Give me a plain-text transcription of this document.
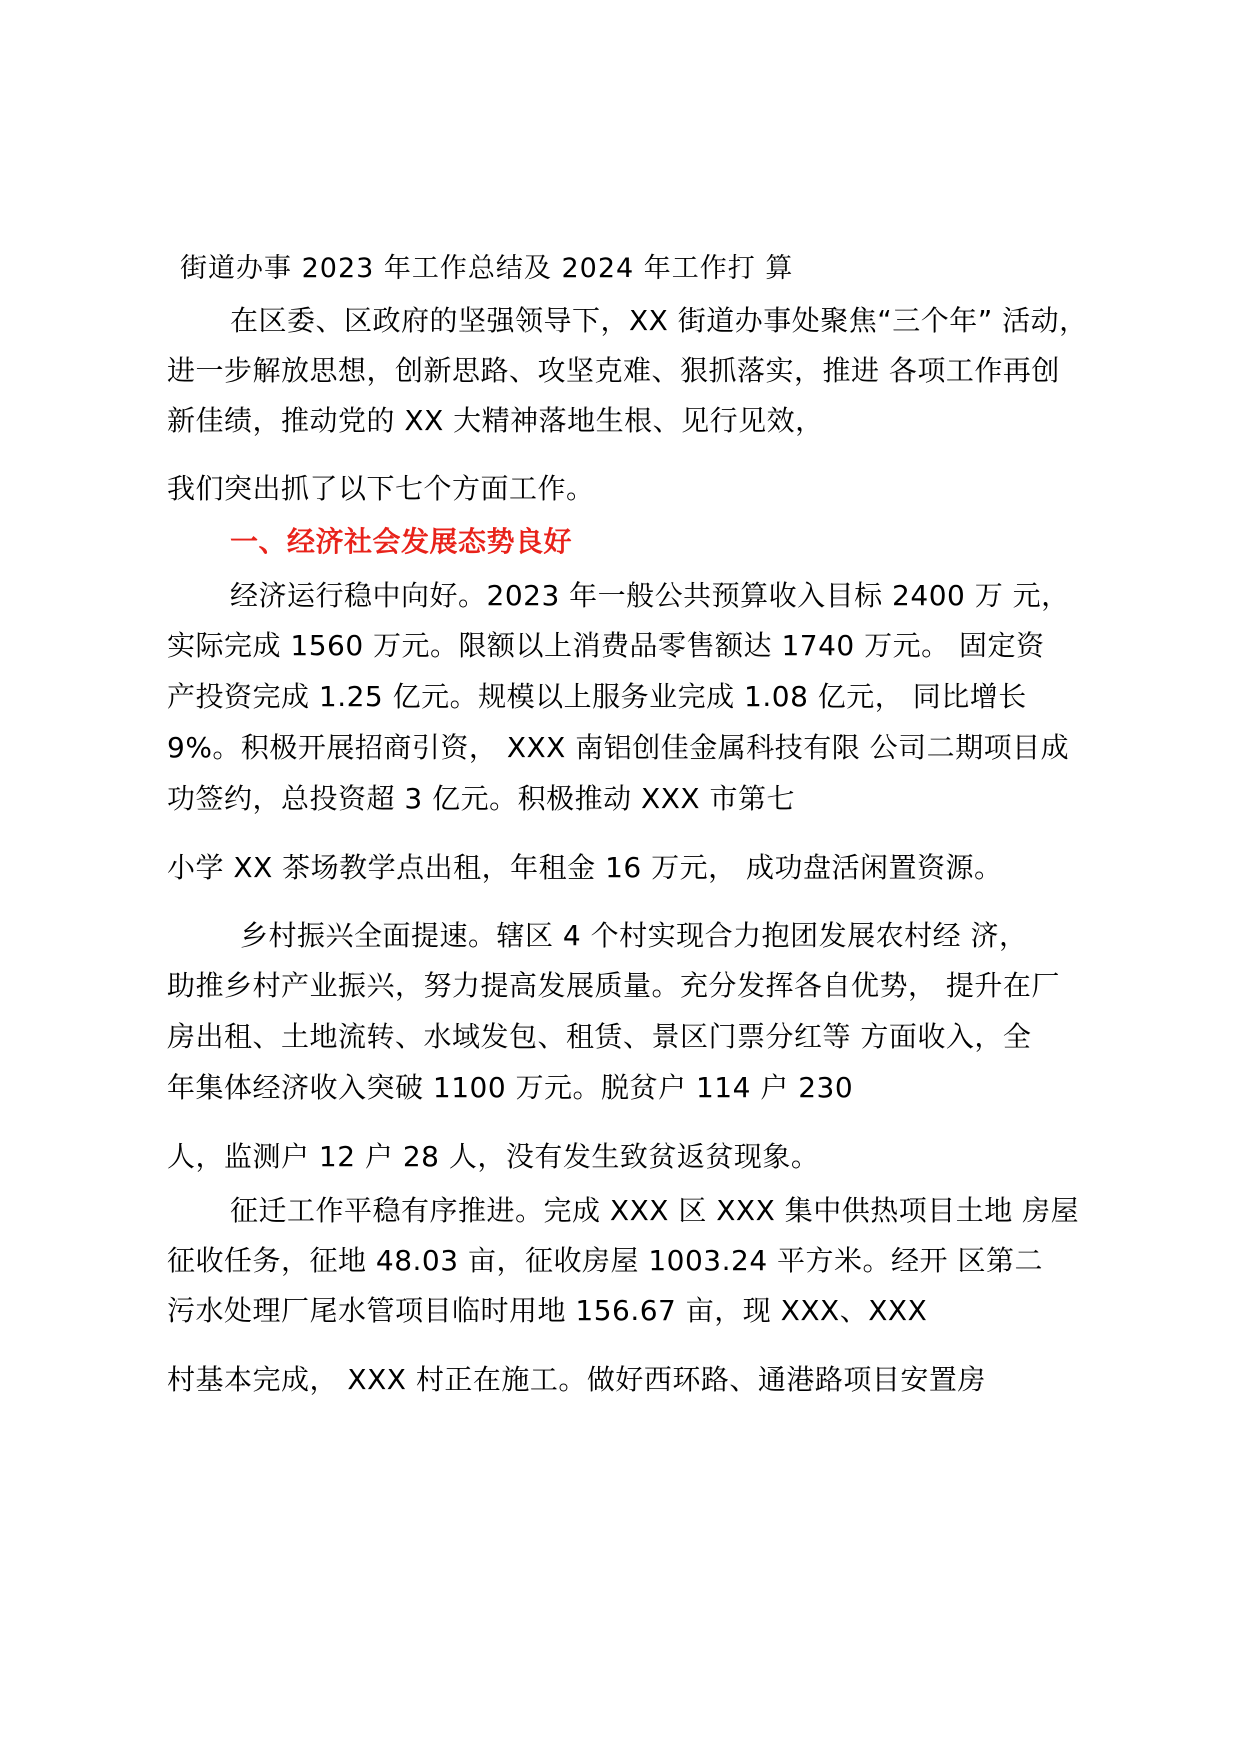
街道办事 2023 年工作总结及 2024 年工作打 算
在区委、区政府的坚强领导下，XX 街道办事处聚焦“三个年” 活动，
进一步解放思想，创新思路、攻坚克难、狠抓落实，推进 各项工作再创
新佳绩，推动党的 XX 大精神落地生根、见行见效，
我们突出抓了以下七个方面工作。
一、经济社会发展态势良好
经济运行稳中向好。2023 年一般公共预算收入目标 2400 万 元，
实际完成 1560 万元。限额以上消费品零售额达 1740 万元。 固定资
产投资完成 1.25 亿元。规模以上服务业完成 1.08 亿元， 同比增长
9%。积极开展招商引资， XXX 南铝创佳金属科技有限 公司二期项目成
功签约，总投资超 3 亿元。积极推动 XXX 市第七
小学 XX 茶场教学点出租，年租金 16 万元， 成功盘活闲置资源。
乡村振兴全面提速。辖区 4 个村实现合力抱团发展农村经 济，
助推乡村产业振兴，努力提高发展质量。充分发挥各自优势， 提升在厂
房出租、土地流转、水域发包、租赁、景区门票分红等 方面收入，全
年集体经济收入突破 1100 万元。脱贫户 114 户 230
人，监测户 12 户 28 人，没有发生致贫返贫现象。
征迁工作平稳有序推进。完成 XXX 区 XXX 集中供热项目土地 房屋
征收任务，征地 48.03 亩，征收房屋 1003.24 平方米。经开 区第二
污水处理厂尾水管项目临时用地 156.67 亩，现 XXX、XXX
村基本完成， XXX 村正在施工。做好西环路、通港路项目安置房
